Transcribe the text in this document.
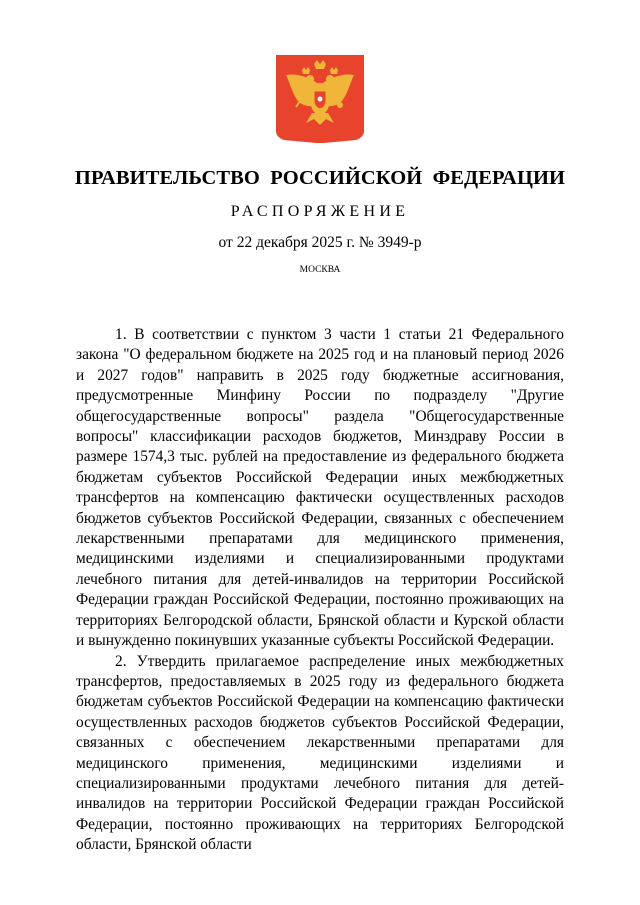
ПРАВИТЕЛЬСТВО РОССИЙСКОЙ ФЕДЕРАЦИИ
РАСПОРЯЖЕНИЕ
от 22 декабря 2025 г. № 3949-р
МОСКВА

1. В соответствии с пунктом 3 части 1 статьи 21 Федерального закона "О федеральном бюджете на 2025 год и на плановый период 2026 и 2027 годов" направить в 2025 году бюджетные ассигнования, предусмотренные Минфину России по подразделу "Другие общегосударственные вопросы" раздела "Общегосударственные вопросы" классификации расходов бюджетов, Минздраву России в размере 1574,3 тыс. рублей на предоставление из федерального бюджета бюджетам субъектов Российской Федерации иных межбюджетных трансфертов на компенсацию фактически осуществленных расходов бюджетов субъектов Российской Федерации, связанных с обеспечением лекарственными препаратами для медицинского применения, медицинскими изделиями и специализированными продуктами лечебного питания для детей-инвалидов на территории Российской Федерации граждан Российской Федерации, постоянно проживающих на территориях Белгородской области, Брянской области и Курской области и вынужденно покинувших указанные субъекты Российской Федерации.

2. Утвердить прилагаемое распределение иных межбюджетных трансфертов, предоставляемых в 2025 году из федерального бюджета бюджетам субъектов Российской Федерации на компенсацию фактически осуществленных расходов бюджетов субъектов Российской Федерации, связанных с обеспечением лекарственными препаратами для медицинского применения, медицинскими изделиями и специализированными продуктами лечебного питания для детей-инвалидов на территории Российской Федерации граждан Российской Федерации, постоянно проживающих на территориях Белгородской области, Брянской области
